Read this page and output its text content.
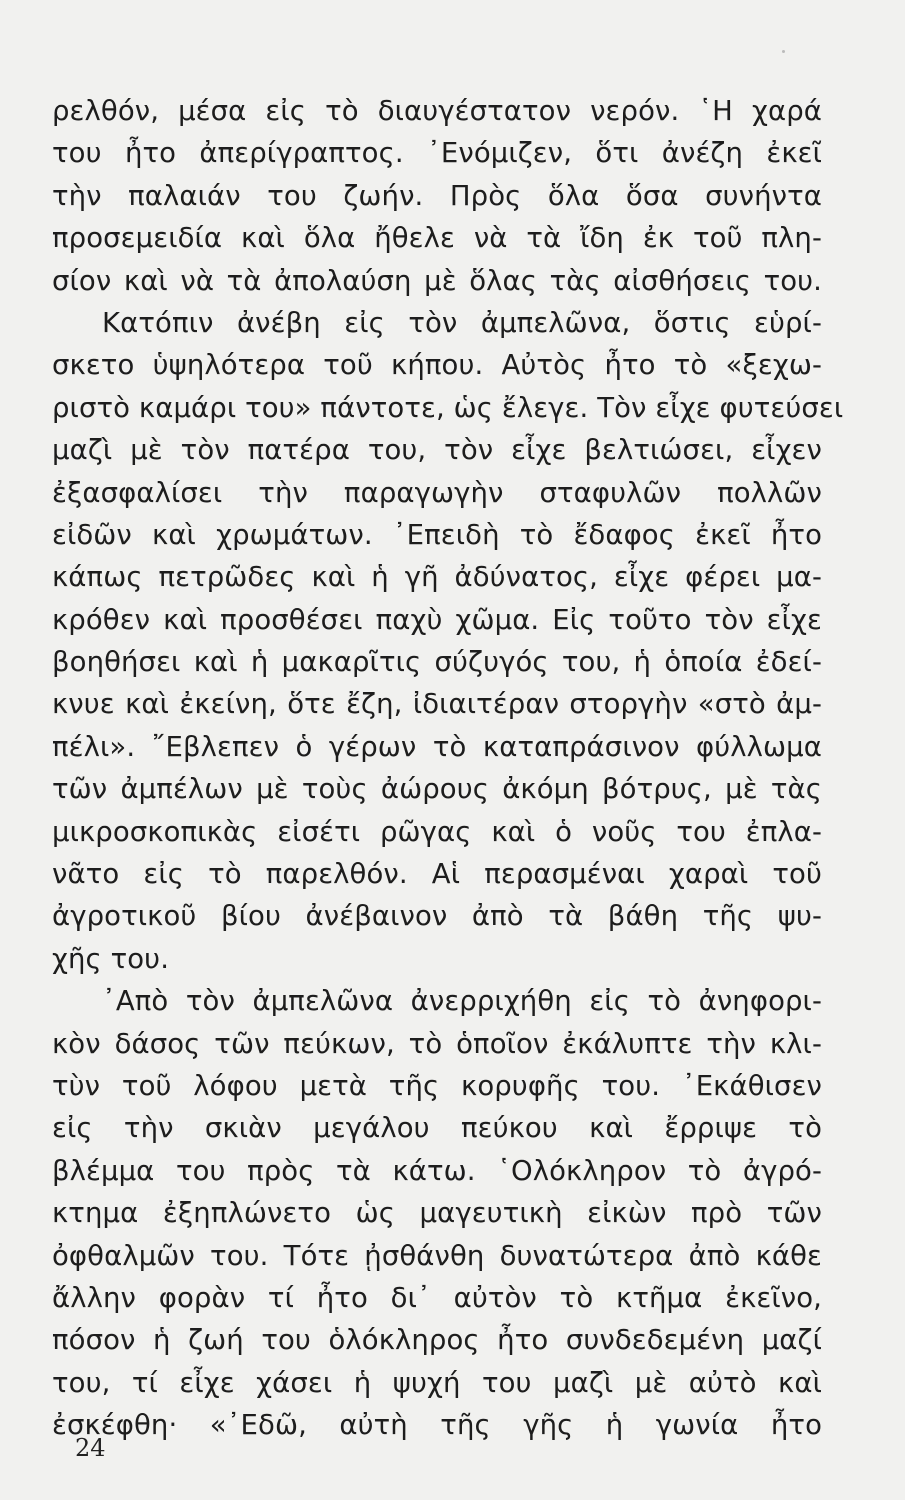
ρελθόν, μέσα εἰς τὸ διαυγέστατον νερόν. ῾Η χαρά
του ἦτο ἀπερίγραπτος. ᾿Ενόμιζεν, ὅτι ἀνέζη ἐκεῖ
τὴν παλαιάν του ζωήν. Πρὸς ὅλα ὅσα συνήντα
προσεμειδία καὶ ὅλα ἤθελε νὰ τὰ ἴδη ἐκ τοῦ πλη-
σίον καὶ νὰ τὰ ἀπολαύση μὲ ὅλας τὰς αἰσθήσεις του.
Κατόπιν ἀνέβη εἰς τὸν ἀμπελῶνα, ὅστις εὑρί-
σκετο ὑψηλότερα τοῦ κήπου. Αὐτὸς ἦτο τὸ «ξεχω-
ριστὸ καμάρι του» πάντοτε, ὡς ἔλεγε. Τὸν εἶχε φυτεύσει
μαζὶ μὲ τὸν πατέρα του, τὸν εἶχε βελτιώσει, εἶχεν
ἐξασφαλίσει τὴν παραγωγὴν σταφυλῶν πολλῶν
εἰδῶν καὶ χρωμάτων. ᾿Επειδὴ τὸ ἔδαφος ἐκεῖ ἦτο
κάπως πετρῶδες καὶ ἡ γῆ ἀδύνατος, εἶχε φέρει μα-
κρόθεν καὶ προσθέσει παχὺ χῶμα. Εἰς τοῦτο τὸν εἶχε
βοηθήσει καὶ ἡ μακαρῖτις σύζυγός του, ἡ ὁποία ἐδεί-
κνυε καὶ ἐκείνη, ὅτε ἔζη, ἰδιαιτέραν στοργὴν «στὸ ἀμ-
πέλι». ῎Εβλεπεν ὁ γέρων τὸ καταπράσινον φύλλωμα
τῶν ἀμπέλων μὲ τοὺς ἀώρους ἀκόμη βότρυς, μὲ τὰς
μικροσκοπικὰς εἰσέτι ρῶγας καὶ ὁ νοῦς του ἐπλα-
νᾶτο εἰς τὸ παρελθόν. Αἱ περασμέναι χαραὶ τοῦ
ἀγροτικοῦ βίου ἀνέβαινον ἀπὸ τὰ βάθη τῆς ψυ-
χῆς του.
᾿Απὸ τὸν ἀμπελῶνα ἀνερριχήθη εἰς τὸ ἀνηφορι-
κὸν δάσος τῶν πεύκων, τὸ ὁποῖον ἐκάλυπτε τὴν κλι-
τὺν τοῦ λόφου μετὰ τῆς κορυφῆς του. ᾿Εκάθισεν
εἰς τὴν σκιὰν μεγάλου πεύκου καὶ ἔρριψε τὸ
βλέμμα του πρὸς τὰ κάτω. ῾Ολόκληρον τὸ ἀγρό-
κτημα ἐξηπλώνετο ὡς μαγευτικὴ εἰκὼν πρὸ τῶν
ὀφθαλμῶν του. Τότε ᾐσθάνθη δυνατώτερα ἀπὸ κάθε
ἄλλην φορὰν τί ἦτο δι᾿ αὐτὸν τὸ κτῆμα ἐκεῖνο,
πόσον ἡ ζωή του ὁλόκληρος ἦτο συνδεδεμένη μαζί
του, τί εἶχε χάσει ἡ ψυχή του μαζὶ μὲ αὐτὸ καὶ
ἐσκέφθη· «᾿Εδῶ, αὐτὴ τῆς γῆς ἡ γωνία ἦτο
24
